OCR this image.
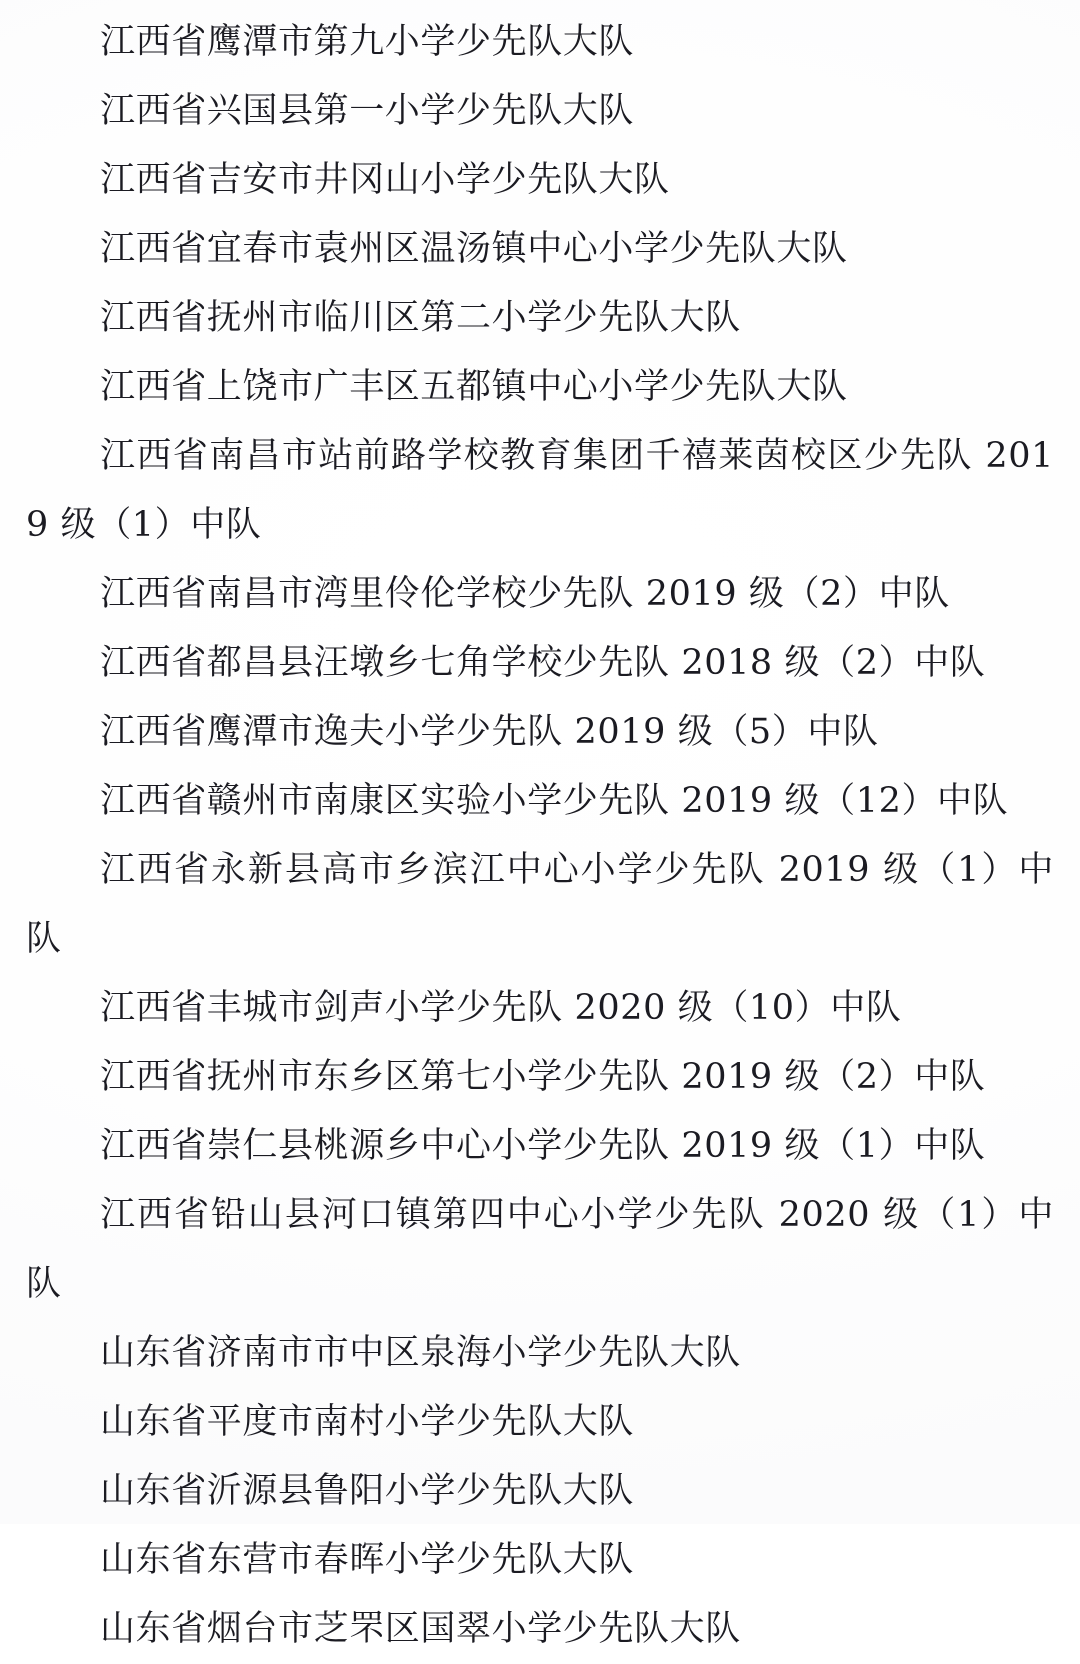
江西省鹰潭市第九小学少先队大队

江西省兴国县第一小学少先队大队

江西省吉安市井冈山小学少先队大队

江西省宜春市袁州区温汤镇中心小学少先队大队

江西省抚州市临川区第二小学少先队大队

江西省上饶市广丰区五都镇中心小学少先队大队

江西省南昌市站前路学校教育集团千禧莱茵校区少先队 2019 级（1）中队

江西省南昌市湾里伶伦学校少先队 2019 级（2）中队

江西省都昌县汪墩乡七角学校少先队 2018 级（2）中队

江西省鹰潭市逸夫小学少先队 2019 级（5）中队

江西省赣州市南康区实验小学少先队 2019 级（12）中队

江西省永新县高市乡滨江中心小学少先队 2019 级（1）中队

江西省丰城市剑声小学少先队 2020 级（10）中队

江西省抚州市东乡区第七小学少先队 2019 级（2）中队

江西省崇仁县桃源乡中心小学少先队 2019 级（1）中队

江西省铅山县河口镇第四中心小学少先队 2020 级（1）中队

山东省济南市市中区泉海小学少先队大队

山东省平度市南村小学少先队大队

山东省沂源县鲁阳小学少先队大队

山东省东营市春晖小学少先队大队

山东省烟台市芝罘区国翠小学少先队大队
